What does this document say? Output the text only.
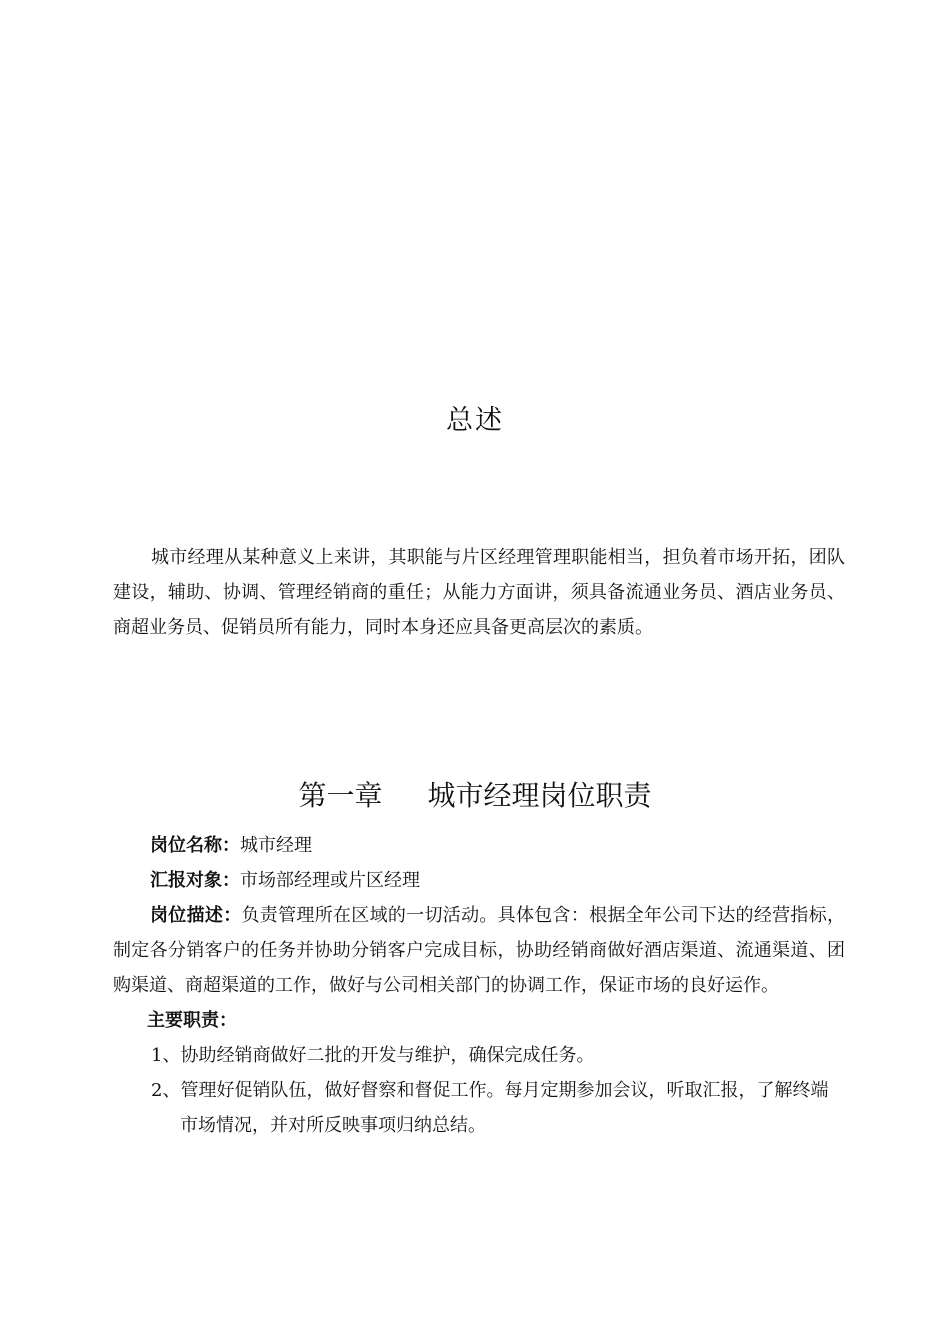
总述

城市经理从某种意义上来讲，其职能与片区经理管理职能相当，担负着市场开拓，团队建设，辅助、协调、管理经销商的重任；从能力方面讲，须具备流通业务员、酒店业务员、商超业务员、促销员所有能力，同时本身还应具备更高层次的素质。

第一章 城市经理岗位职责

岗位名称：城市经理

汇报对象：市场部经理或片区经理

岗位描述：负责管理所在区域的一切活动。具体包含：根据全年公司下达的经营指标，制定各分销客户的任务并协助分销客户完成目标，协助经销商做好酒店渠道、流通渠道、团购渠道、商超渠道的工作，做好与公司相关部门的协调工作，保证市场的良好运作。

主要职责：

1、协助经销商做好二批的开发与维护，确保完成任务。

2、管理好促销队伍，做好督察和督促工作。每月定期参加会议，听取汇报，了解终端市场情况，并对所反映事项归纳总结。
